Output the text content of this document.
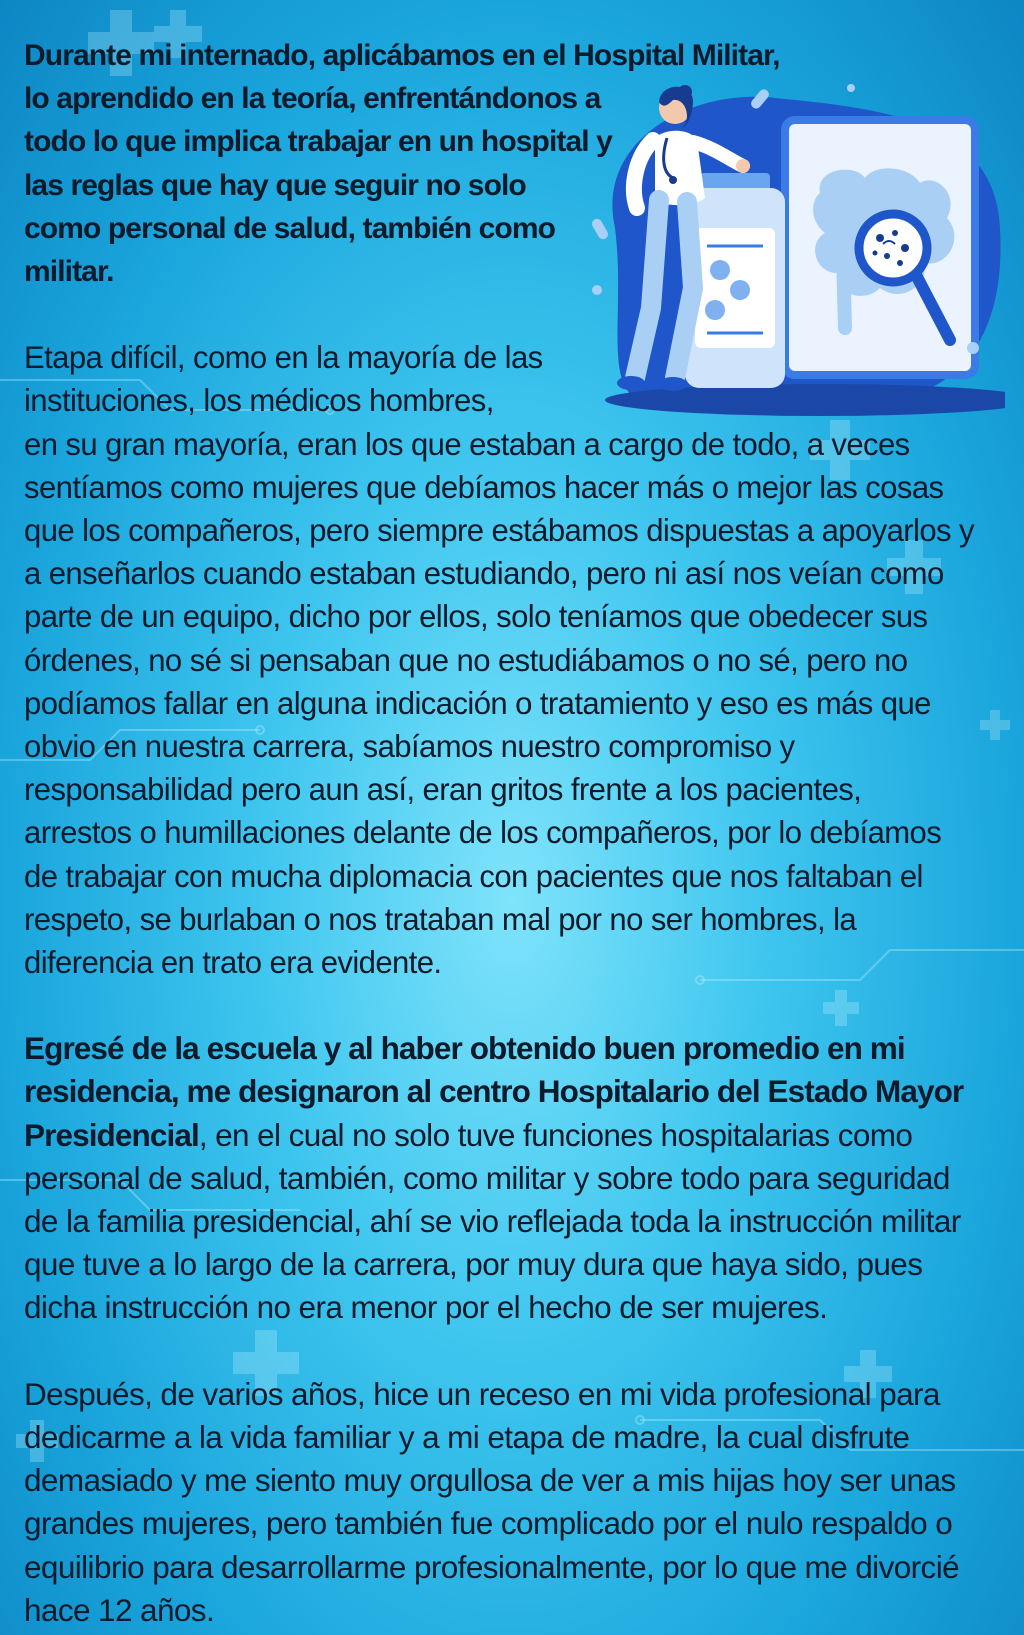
Durante mi internado, aplicábamos en el Hospital Militar,
lo aprendido en la teoría, enfrentándonos a
todo lo que implica trabajar en un hospital y
las reglas que hay que seguir no solo
como personal de salud, también como
militar.

Etapa difícil, como en la mayoría de las
instituciones, los médicos hombres,
en su gran mayoría, eran los que estaban a cargo de todo, a veces
sentíamos como mujeres que debíamos hacer más o mejor las cosas
que los compañeros, pero siempre estábamos dispuestas a apoyarlos y
a enseñarlos cuando estaban estudiando, pero ni así nos veían como
parte de un equipo, dicho por ellos, solo teníamos que obedecer sus
órdenes, no sé si pensaban que no estudiábamos o no sé, pero no
podíamos fallar en alguna indicación o tratamiento y eso es más que
obvio en nuestra carrera, sabíamos nuestro compromiso y
responsabilidad pero aun así, eran gritos frente a los pacientes,
arrestos o humillaciones delante de los compañeros, por lo debíamos
de trabajar con mucha diplomacia con pacientes que nos faltaban el
respeto, se burlaban o nos trataban mal por no ser hombres, la
diferencia en trato era evidente.

Egresé de la escuela y al haber obtenido buen promedio en mi
residencia, me designaron al centro Hospitalario del Estado Mayor
Presidencial, en el cual no solo tuve funciones hospitalarias como
personal de salud, también, como militar y sobre todo para seguridad
de la familia presidencial, ahí se vio reflejada toda la instrucción militar
que tuve a lo largo de la carrera, por muy dura que haya sido, pues
dicha instrucción no era menor por el hecho de ser mujeres.

Después, de varios años, hice un receso en mi vida profesional para
dedicarme a la vida familiar y a mi etapa de madre, la cual disfrute
demasiado y me siento muy orgullosa de ver a mis hijas hoy ser unas
grandes mujeres, pero también fue complicado por el nulo respaldo o
equilibrio para desarrollarme profesionalmente, por lo que me divorcié
hace 12 años.
